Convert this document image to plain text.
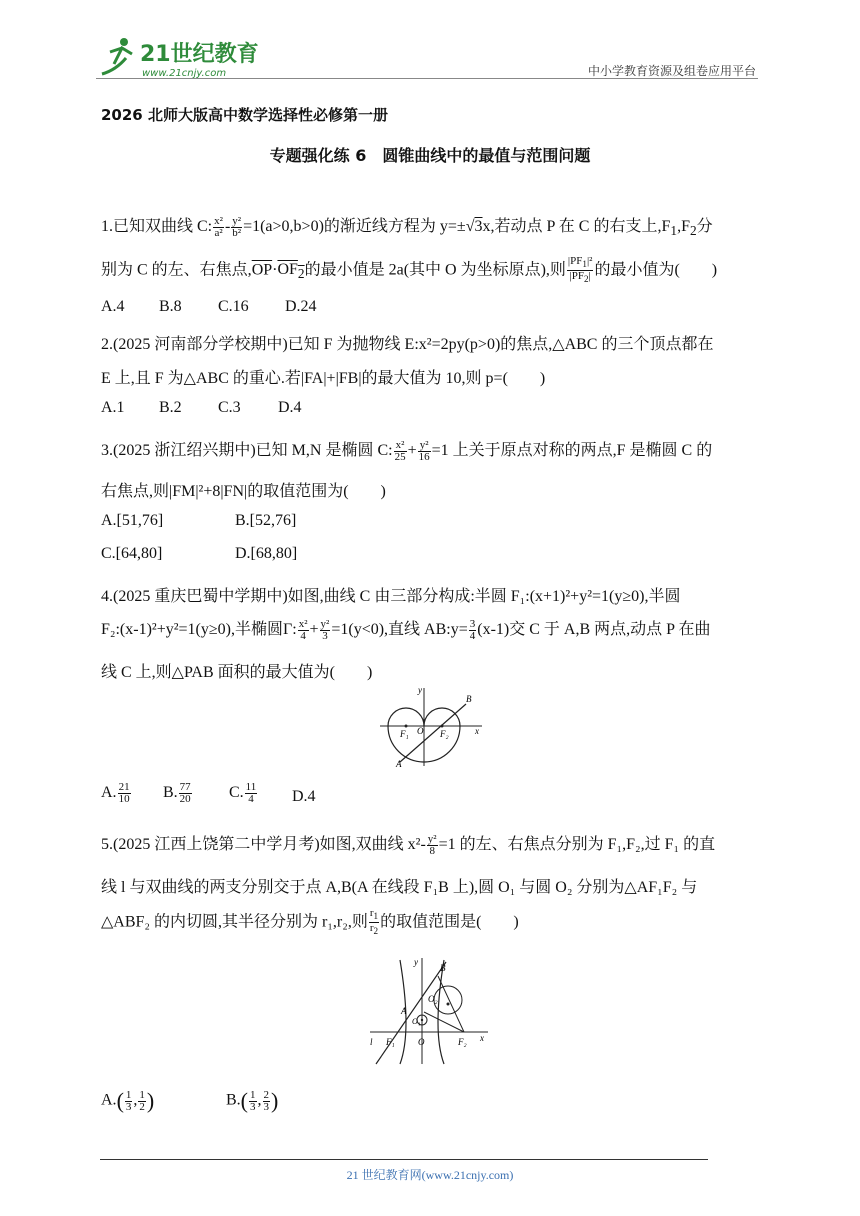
21世纪教育
www.21cnjy.com	中小学教育资源及组卷应用平台
2026 北师大版高中数学选择性必修第一册
专题强化练 6　圆锥曲线中的最值与范围问题
1.已知双曲线 C: $\frac{\text{x²}}{\text{a²}} - \frac{\text{y²}}{\text{b²}} =1(a>0,b>0)$的渐近线方程为 y=±√3x,若动点 P 在 C 的右支上$,F_1,F_2$分
别为 C 的左、右焦点$,\overline{OP}\cdot OF_2$的最小值是 2a(其中 O 为坐标原点),则 $\frac{|PF_1|^2}{|PF_2|}$ 的最小值为(　　)
A.4 B.8 C.16 D.24
2.(2025 河南部分学校期中)已知 F 为抛物线 E:x²=2py(p>0)的焦点,△ABC 的三个顶点都在
E 上,且 F 为△ABC 的重心.若|FA|+|FB|的最大值为 10,则 p=(　　)
A.1 B.2 C.3 D.4
3.(2025 浙江绍兴期中)已知 M,N 是椭圆 C: $\frac{\text{x²}}{25} + \frac{\text{y²}}{16} =1$ 上关于原点对称的两点,F 是椭圆 C 的
右焦点,则|FM|²+8|FN|的取值范围为(　　)
A.[51,76]	B.[52,76]
C.[64,80]	D.[68,80]
4.(2025 重庆巴蜀中学期中)如图,曲线 C 由三部分构成:半圆 F₁:(x+1)²+y²=1(y≥0),半圆
F₂:(x-1)²+y²=1(y≥0),半椭圆Γ: $\frac{\text{x²}}{4} + \frac{\text{y²}}{3} =1(y<0)$,直线 AB:y= $\frac{3}{4} (x-1)$交 C 于 A,B 两点,动点 P 在曲
线 C 上,则△PAB 面积的最大值为(　　)
y
B
F₁ O F₂	x
A
A. $\frac{21}{10} B$. $\frac{77}{20} C$. $\frac{11}{4} D.4$
5.(2025 江西上饶第二中学月考)如图,双曲线 $x^2- \frac{\text{y²}}{8} =1$ 的左、右焦点分别为 F₁,F₂,过 F₁ 的直
线 l 与双曲线的两支分别交于点 A,B(A 在线段 F₁B 上),圆 O₁ 与圆 O₂ 分别为△AF₁F₂ 与
△ABF₂ 的内切圆,其半径分别为 r₁,r₂,则 $\frac{r_1}{r_2}$ 的取值范围是(　　)
y
B
O₂
A
O₁
l F₁	O	F₂ x
$A.( \frac{1}{3}$ , $\frac{1}{2}$ )	$B.( \frac{1}{3}$ , $\frac{2}{3}$ )
21 世纪教育网(www.21cnjy.com)
